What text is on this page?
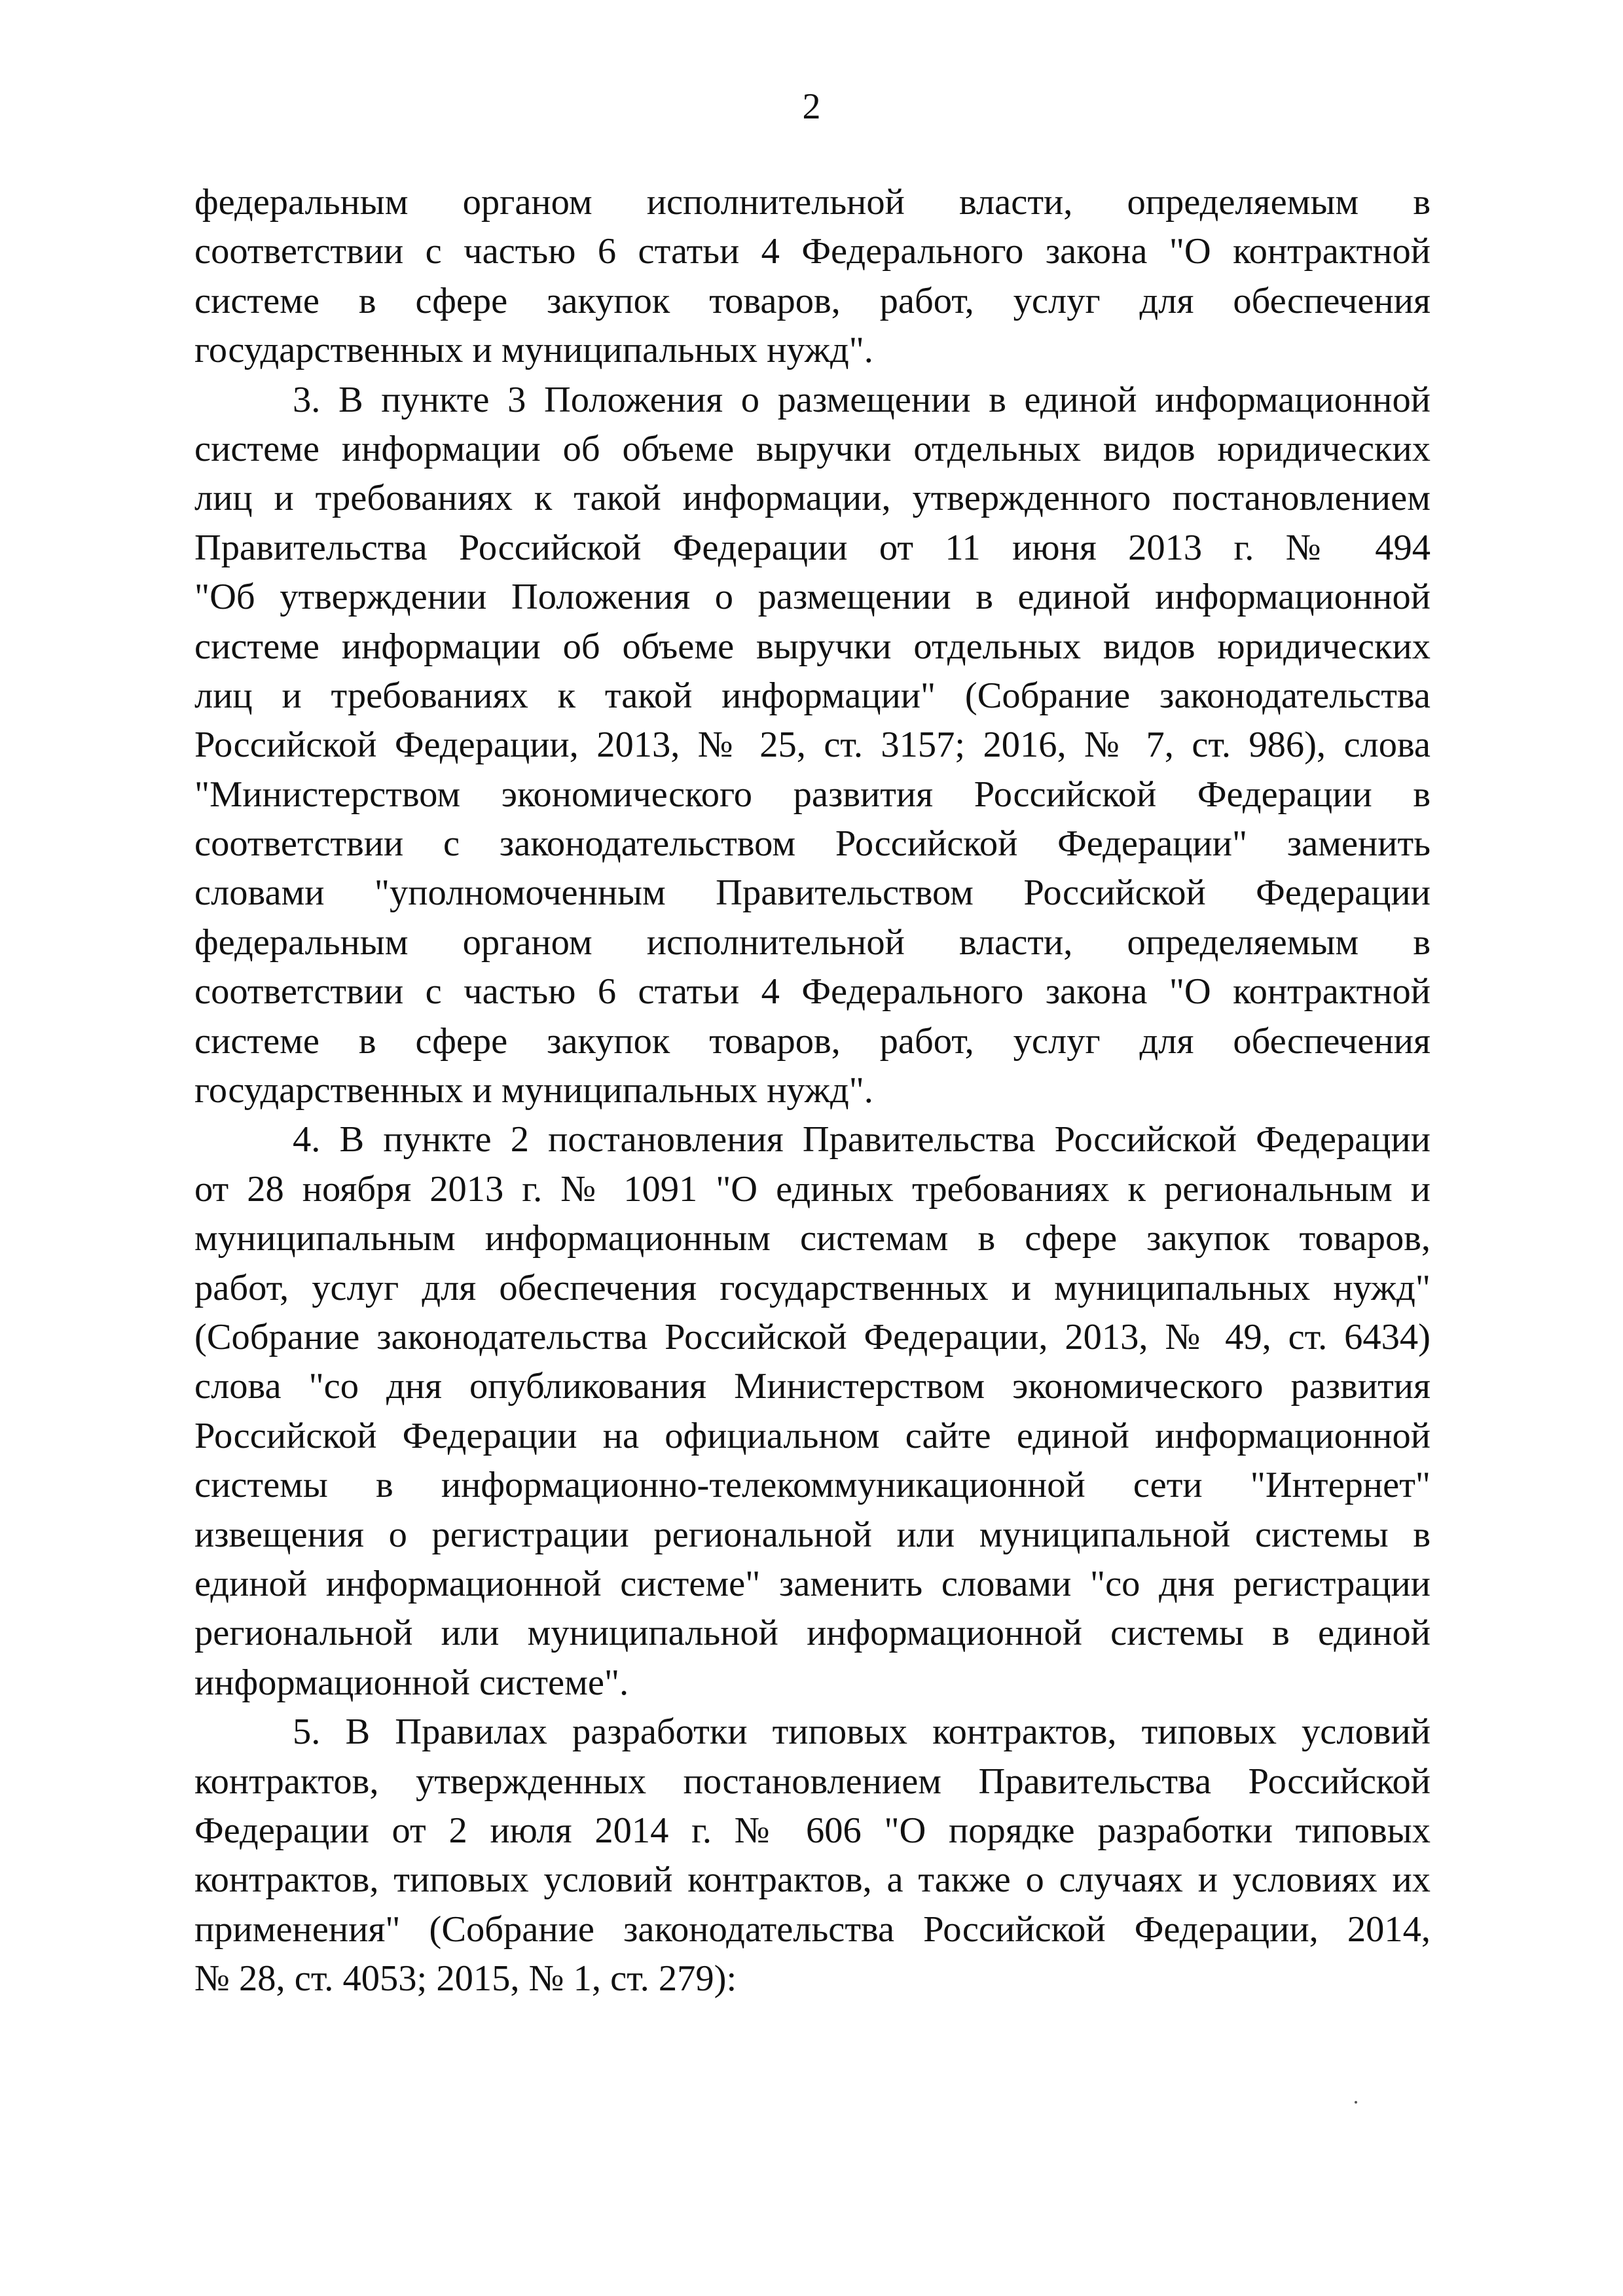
2
федеральным органом исполнительной власти, определяемым в
соответствии с частью 6 статьи 4 Федерального закона "О контрактной
системе в сфере закупок товаров, работ, услуг для обеспечения
государственных и муниципальных нужд".
3. В пункте 3 Положения о размещении в единой информационной
системе информации об объеме выручки отдельных видов юридических
лиц и требованиях к такой информации, утвержденного постановлением
Правительства Российской Федерации от 11 июня 2013 г. № 494
"Об утверждении Положения о размещении в единой информационной
системе информации об объеме выручки отдельных видов юридических
лиц и требованиях к такой информации" (Собрание законодательства
Российской Федерации, 2013, № 25, ст. 3157; 2016, № 7, ст. 986), слова
"Министерством экономического развития Российской Федерации в
соответствии с законодательством Российской Федерации" заменить
словами "уполномоченным Правительством Российской Федерации
федеральным органом исполнительной власти, определяемым в
соответствии с частью 6 статьи 4 Федерального закона "О контрактной
системе в сфере закупок товаров, работ, услуг для обеспечения
государственных и муниципальных нужд".
4. В пункте 2 постановления Правительства Российской Федерации
от 28 ноября 2013 г. № 1091 "О единых требованиях к региональным и
муниципальным информационным системам в сфере закупок товаров,
работ, услуг для обеспечения государственных и муниципальных нужд"
(Собрание законодательства Российской Федерации, 2013, № 49, ст. 6434)
слова "со дня опубликования Министерством экономического развития
Российской Федерации на официальном сайте единой информационной
системы в информационно-телекоммуникационной сети "Интернет"
извещения о регистрации региональной или муниципальной системы в
единой информационной системе" заменить словами "со дня регистрации
региональной или муниципальной информационной системы в единой
информационной системе".
5. В Правилах разработки типовых контрактов, типовых условий
контрактов, утвержденных постановлением Правительства Российской
Федерации от 2 июля 2014 г. № 606 "О порядке разработки типовых
контрактов, типовых условий контрактов, а также о случаях и условиях их
применения" (Собрание законодательства Российской Федерации, 2014,
№ 28, ст. 4053; 2015, № 1, ст. 279):
